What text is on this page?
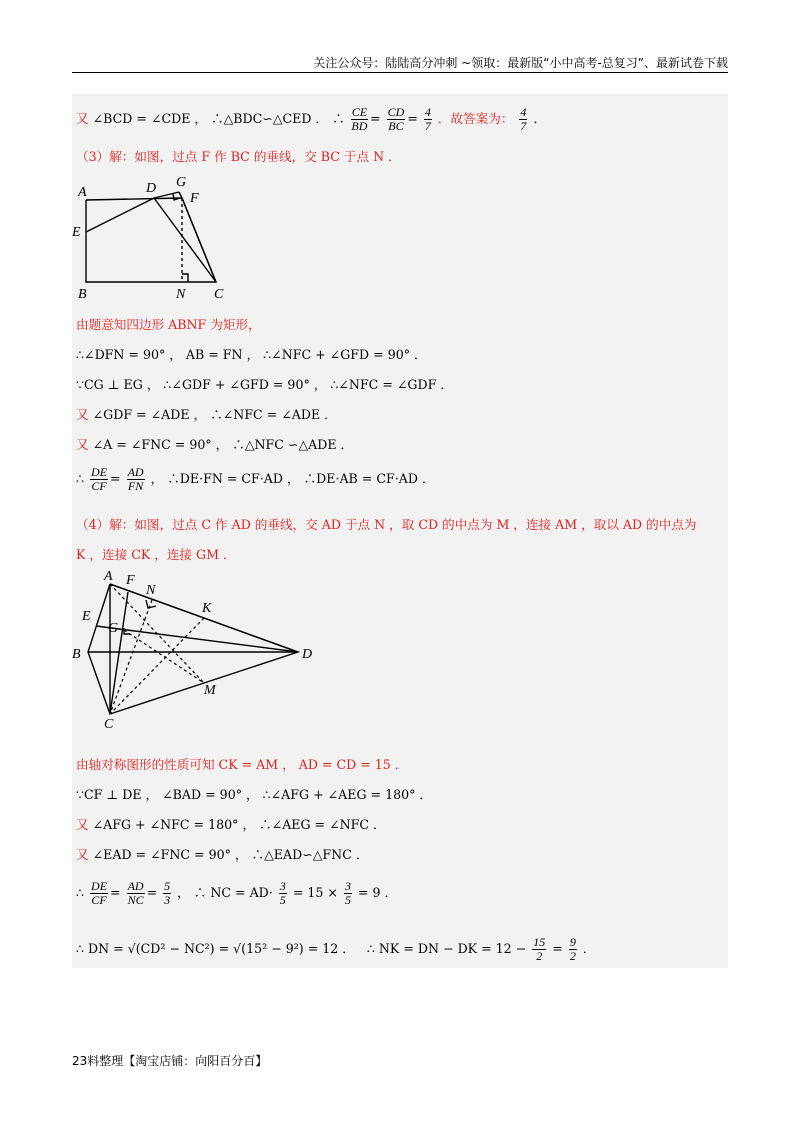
关注公众号：陆陆高分冲刺 ~领取：最新版“小中高考-总复习”、最新试卷下载
又 ∠BCD = ∠CDE ， ∴△BDC∽△CED ． ∴ $\frac{CE}{BD} = \frac{CD}{BC} = \frac{4}{7}$ ．故答案为： $\frac{4}{7}$ ．
（3）解：如图，过点 F 作 BC 的垂线，交 BC 于点 N ．
A	D G
F
E
B	N C
由题意知四边形 ABNF 为矩形，
∴∠DFN = 90° ， AB = FN ， ∴∠NFC + ∠GFD = 90° ．
∵CG ⊥ EG ， ∴∠GDF + ∠GFD = 90° ， ∴∠NFC = ∠GDF ．
又 ∠GDF = ∠ADE ， ∴∠NFC = ∠ADE ．
又 ∠A = ∠FNC = 90° ， ∴△NFC ∽△ADE ．
∴ $\frac{DE}{CF} = \frac{AD}{FN}$ ， ∴DE·FN = CF·AD ， ∴DE·AB = CF·AD ．
（4）解：如图，过点 C 作 AD 的垂线，交 AD 于点 N ，取 CD 的中点为 M ，连接 AM ，取以 AD 的中点为
K ，连接 CK ，连接 GM ．
A F
N
K
E
G
B	D
M
C
由轴对称图形的性质可知 CK = AM ， AD = CD = 15 ．
∵CF ⊥ DE ， ∠BAD = 90° ， ∴∠AFG + ∠AEG = 180° ．
又 ∠AFG + ∠NFC = 180° ， ∴∠AEG = ∠NFC ．
又 ∠EAD = ∠FNC = 90° ， ∴△EAD∽△FNC ．
∴ $\frac{DE}{CF} = \frac{AD}{NC} = \frac{5}{3}$ ， ∴ NC = $AD\cdot \frac{3}{5} = 15 \times \frac{3}{5} = 9$ ．
∴ DN = √(CD² − NC²) = √(15² − 9²) = 12 ． ∴ NK = DN − DK = $12 - \frac{15}{2} = \frac{9}{2}$ ．
23料整理【淘宝店铺：向阳百分百】
